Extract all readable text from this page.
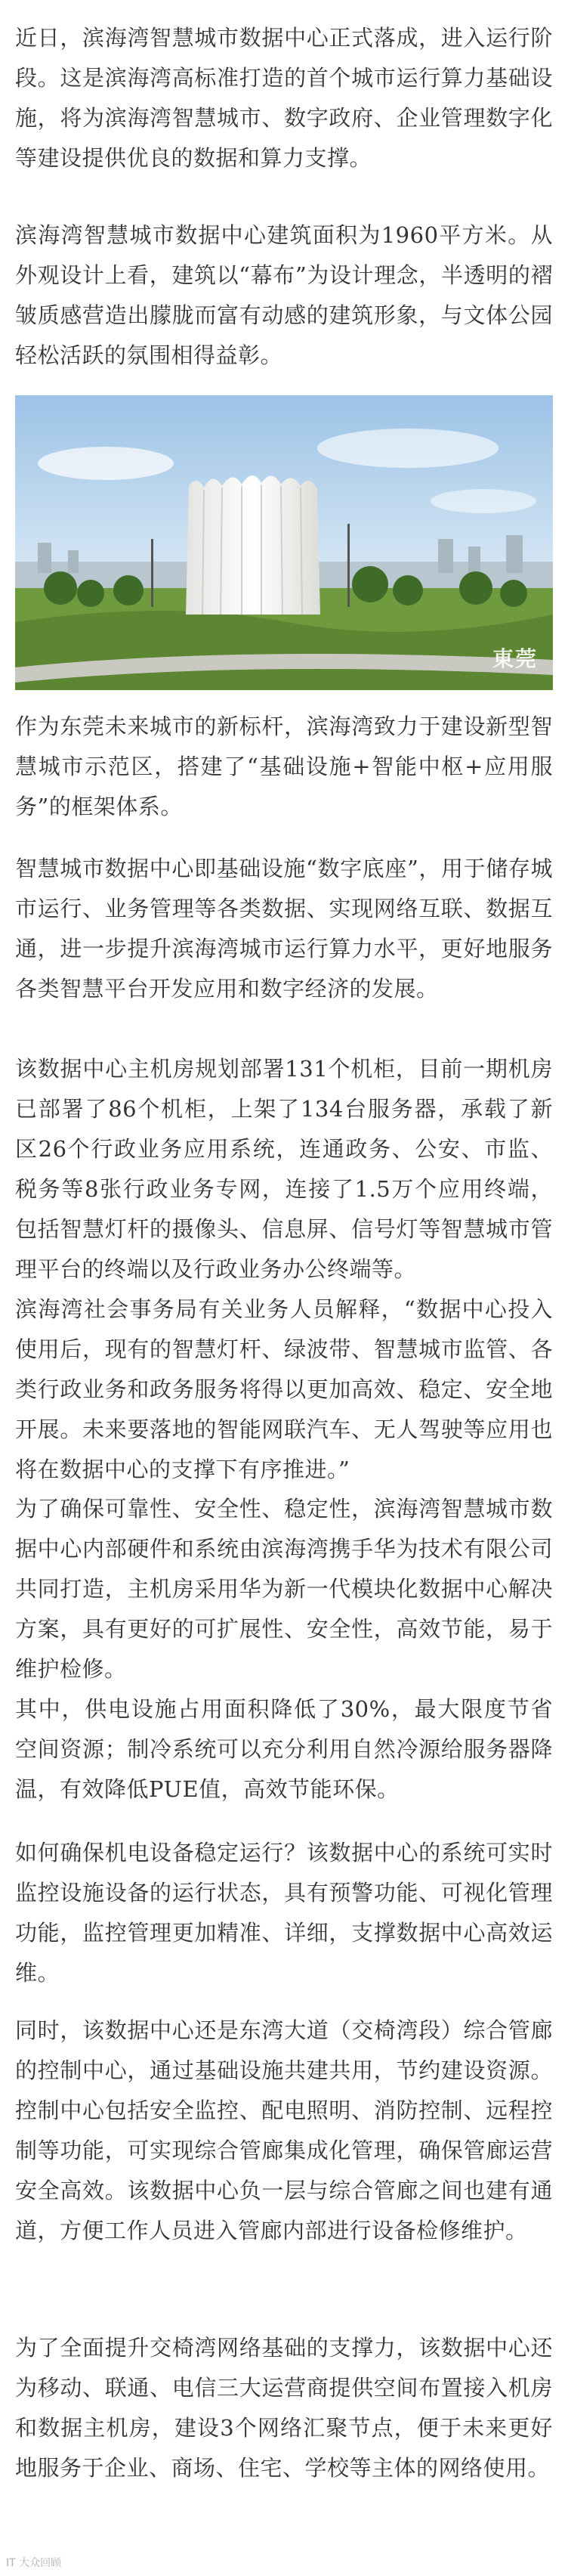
近日，滨海湾智慧城市数据中心正式落成，进入运行阶段。这是滨海湾高标准打造的首个城市运行算力基础设施，将为滨海湾智慧城市、数字政府、企业管理数字化等建设提供优良的数据和算力支撑。

滨海湾智慧城市数据中心建筑面积为1960平方米。从外观设计上看，建筑以“幕布”为设计理念，半透明的褶皱质感营造出朦胧而富有动感的建筑形象，与文体公园轻松活跃的氛围相得益彰。

東莞

作为东莞未来城市的新标杆，滨海湾致力于建设新型智慧城市示范区，搭建了“基础设施+智能中枢+应用服务”的框架体系。

智慧城市数据中心即基础设施“数字底座”，用于储存城市运行、业务管理等各类数据、实现网络互联、数据互通，进一步提升滨海湾城市运行算力水平，更好地服务各类智慧平台开发应用和数字经济的发展。

该数据中心主机房规划部署131个机柜，目前一期机房已部署了86个机柜，上架了134台服务器，承载了新区26个行政业务应用系统，连通政务、公安、市监、税务等8张行政业务专网，连接了1.5万个应用终端，包括智慧灯杆的摄像头、信息屏、信号灯等智慧城市管理平台的终端以及行政业务办公终端等。

滨海湾社会事务局有关业务人员解释，“数据中心投入使用后，现有的智慧灯杆、绿波带、智慧城市监管、各类行政业务和政务服务将得以更加高效、稳定、安全地开展。未来要落地的智能网联汽车、无人驾驶等应用也将在数据中心的支撑下有序推进。”

为了确保可靠性、安全性、稳定性，滨海湾智慧城市数据中心内部硬件和系统由滨海湾携手华为技术有限公司共同打造，主机房采用华为新一代模块化数据中心解决方案，具有更好的可扩展性、安全性，高效节能，易于维护检修。

其中，供电设施占用面积降低了30%，最大限度节省空间资源；制冷系统可以充分利用自然冷源给服务器降温，有效降低PUE值，高效节能环保。

如何确保机电设备稳定运行？该数据中心的系统可实时监控设施设备的运行状态，具有预警功能、可视化管理功能，监控管理更加精准、详细，支撑数据中心高效运维。

同时，该数据中心还是东湾大道（交椅湾段）综合管廊的控制中心，通过基础设施共建共用，节约建设资源。控制中心包括安全监控、配电照明、消防控制、远程控制等功能，可实现综合管廊集成化管理，确保管廊运营安全高效。该数据中心负一层与综合管廊之间也建有通道，方便工作人员进入管廊内部进行设备检修维护。

为了全面提升交椅湾网络基础的支撑力，该数据中心还为移动、联通、电信三大运营商提供空间布置接入机房和数据主机房，建设3个网络汇聚节点，便于未来更好地服务于企业、商场、住宅、学校等主体的网络使用。

IT 大众回顾
